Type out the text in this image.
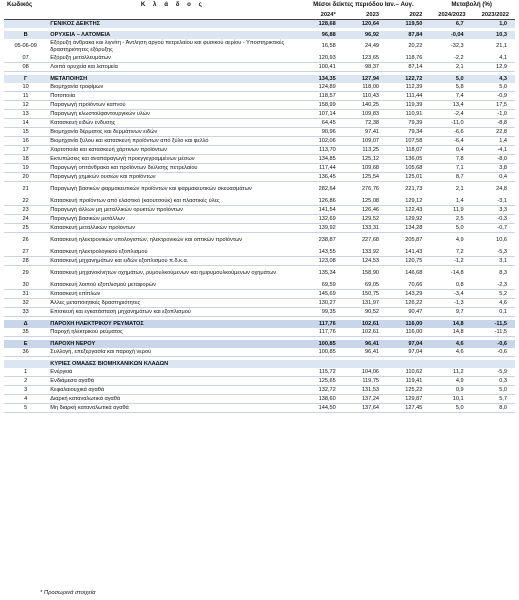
Κωδικός	Κ λ ά δ ο ς	Μέσοι δείκτες περιόδου Ιαν.– Αυγ.			Μεταβολή (%)	
		2024*	2023	2022	2024/2023	2023/2022
	ΓΕΝΙΚΟΣ ΔΕΙΚΤΗΣ	128,68	120,64	119,50	6,7	1,0

B	ΟΡΥΧΕΙΑ – ΛΑΤΟΜΕΙΑ	96,88	96,92	87,84	-0,04	10,3
05-06-09	Εξόρυξη άνθρακα και λιγνίτη - Άντληση αργού πετρελαίου και φυσικού αερίου - Υποστηρικτικές δραστηριότητες εξόρυξης	16,58	24,49	20,22	-32,3	21,1
07	Εξόρυξη μεταλλευμάτων	120,93	123,65	118,76	-2,2	4,1
08	Λοιπά ορυχεία και λατομεία	100,41	98,37	87,14	2,1	12,9

Γ	ΜΕΤΑΠΟΙΗΣΗ	134,35	127,94	122,72	5,0	4,3
10	Βιομηχανία τροφίμων	124,89	118,00	112,39	5,8	5,0
11	Ποτοποιία	118,57	110,43	111,44	7,4	-0,9
12	Παραγωγή προϊόντων καπνού	158,99	140,25	119,39	13,4	17,5
13	Παραγωγή κλωστοϋφαντουργικών υλών	107,14	109,83	110,91	-2,4	-1,0
14	Κατασκευή ειδών ένδυσης	64,45	72,38	79,39	-11,0	-8,8
15	Βιομηχανία δέρματος και δερμάτινων ειδών	90,96	97,41	79,34	-6,6	22,8
16	Βιομηχανία ξύλου και κατασκευή προϊόντων από ξύλο και φελλό	102,06	109,07	107,58	-6,4	1,4
17	Χαρτοποιία και κατασκευή χάρτινων προϊόντων	113,70	113,25	118,07	0,4	-4,1
18	Εκτυπώσεις και αναπαραγωγή προεγγεγραμμένων μέσων	134,85	125,12	136,05	7,8	-8,0
19	Παραγωγή οπτάνθρακα και προϊόντων διύλισης πετρελαίου	117,44	109,68	105,68	7,1	3,8
20	Παραγωγή χημικών ουσιών και προϊόντων	136,45	125,54	125,01	8,7	0,4
21	Παραγωγή βασικών φαρμακευτικών προϊόντων και φαρμακευτικών σκευασμάτων	282,64	276,76	221,73	2,1	24,8
22	Κατασκευή προϊόντων από ελαστικό (καουτσούκ) και πλαστικές ύλες	126,86	125,08	129,12	1,4	-3,1
23	Παραγωγή άλλων μη μεταλλικών ορυκτών προϊόντων	141,54	126,46	122,43	11,9	3,3
24	Παραγωγή βασικών μετάλλων	132,69	129,52	129,92	2,5	-0,3
25	Κατασκευή μεταλλικών προϊόντων	139,92	133,31	134,28	5,0	-0,7
26	Κατασκευή ηλεκτρονικών υπολογιστών, ηλεκτρονικών και οπτικών προϊόντων	238,87	227,68	205,87	4,9	10,6
27	Κατασκευή ηλεκτρολογικού εξοπλισμού	143,55	133,92	141,43	7,2	-5,3
28	Κατασκευή μηχανημάτων και ειδών εξοπλισμού π.δ.κ.α.	123,08	124,53	120,75	-1,2	3,1
29	Κατασκευή μηχανοκίνητων οχημάτων, ρυμουλκούμενων και ημιρυμουλκούμενων οχημάτων	135,34	158,90	146,68	-14,8	8,3
30	Κατασκευή λοιπού εξοπλισμού μεταφορών	69,59	69,05	70,66	0,8	-2,3
31	Κατασκευή επίπλων	145,69	150,75	143,29	-3,4	5,2
32	Άλλες μεταποιητικές δραστηριότητες	130,27	131,97	126,22	-1,3	4,6
33	Επισκευή και εγκατάσταση μηχανημάτων και εξοπλισμού	99,35	90,52	90,47	9,7	0,1

Δ	ΠΑΡΟΧΗ ΗΛΕΚΤΡΙΚΟΥ ΡΕΥΜΑΤΟΣ	117,76	102,61	116,00	14,8	-11,5
35	Παροχή ηλεκτρικού ρεύματος	117,76	102,61	116,00	14,8	-11,5

E	ΠΑΡΟΧΗ ΝΕΡΟΥ	100,85	96,41	97,04	4,6	-0,6
36	Συλλογή, επεξεργασία και παροχή νερού	100,85	96,41	97,04	4,6	-0,6

	ΚΥΡΙΕΣ ΟΜΑΔΕΣ ΒΙΟΜΗΧΑΝΙΚΩΝ ΚΛΑΔΩΝ					
1	Ενέργεια	115,72	104,06	110,62	11,2	-5,9
2	Ενδιάμεσα αγαθά	125,65	119,75	119,41	4,9	0,3
3	Κεφαλαιουχικά αγαθά	132,72	131,53	125,22	0,9	5,0
4	Διαρκή καταναλωτικά αγαθά	138,60	137,24	129,87	10,1	5,7
5	Μη διαρκή καταναλωτικά αγαθά	144,50	137,64	127,45	5,0	8,0
* Προσωρινά στοιχεία
